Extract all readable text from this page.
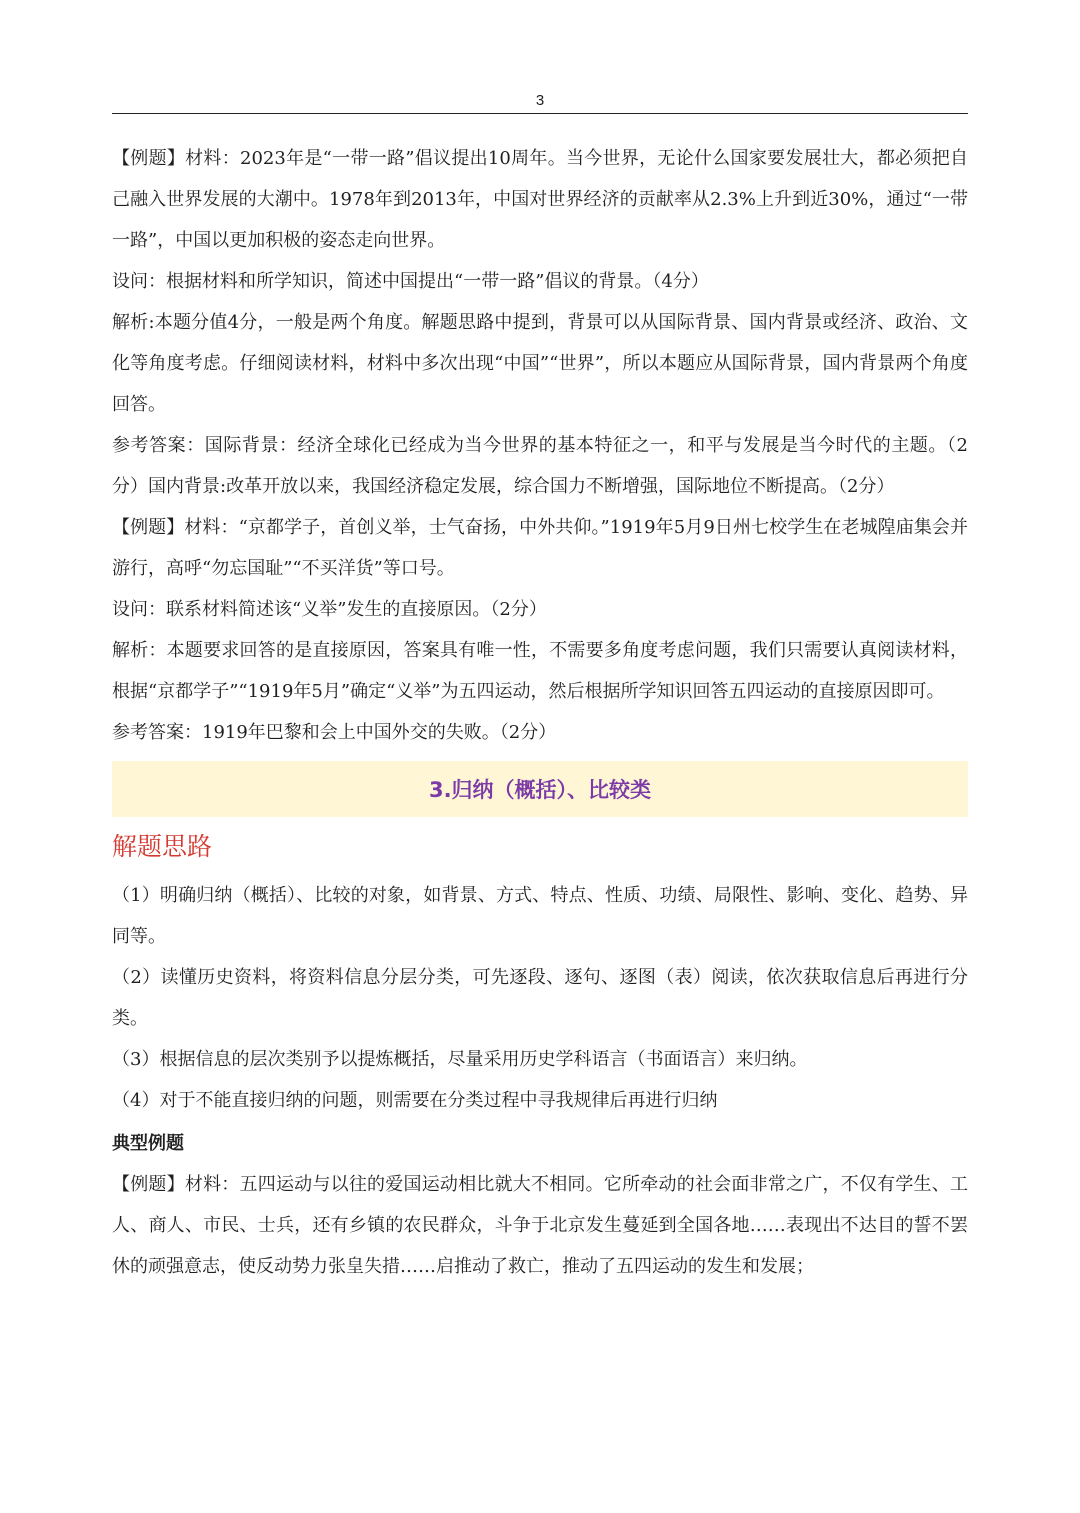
3

【例题】材料：2023年是“一带一路”倡议提出10周年。当今世界，无论什么国家要发展壮大，都必须把自己融入世界发展的大潮中。1978年到2013年，中国对世界经济的贡献率从2.3%上升到近30%，通过“一带一路”，中国以更加积极的姿态走向世界。

设问：根据材料和所学知识，简述中国提出“一带一路”倡议的背景。（4分）

解析:本题分值4分，一般是两个角度。解题思路中提到，背景可以从国际背景、国内背景或经济、政治、文化等角度考虑。仔细阅读材料，材料中多次出现“中国”“世界”，所以本题应从国际背景，国内背景两个角度回答。

参考答案：国际背景：经济全球化已经成为当今世界的基本特征之一，和平与发展是当今时代的主题。（2分）国内背景:改革开放以来，我国经济稳定发展，综合国力不断增强，国际地位不断提高。（2分）

【例题】材料：“京都学子，首创义举，士气奋扬，中外共仰。”1919年5月9日州七校学生在老城隍庙集会并游行，高呼“勿忘国耻”“不买洋货”等口号。

设问：联系材料简述该“义举”发生的直接原因。（2分）

解析：本题要求回答的是直接原因，答案具有唯一性，不需要多角度考虑问题，我们只需要认真阅读材料，根据“京都学子”“1919年5月”确定“义举”为五四运动，然后根据所学知识回答五四运动的直接原因即可。

参考答案：1919年巴黎和会上中国外交的失败。（2分）

3.归纳（概括）、比较类
解题思路

（1）明确归纳（概括）、比较的对象，如背景、方式、特点、性质、功绩、局限性、影响、变化、趋势、异同等。

（2）读懂历史资料，将资料信息分层分类，可先逐段、逐句、逐图（表）阅读，依次获取信息后再进行分类。

（3）根据信息的层次类别予以提炼概括，尽量采用历史学科语言（书面语言）来归纳。

（4）对于不能直接归纳的问题，则需要在分类过程中寻我规律后再进行归纳

典型例题

【例题】材料：五四运动与以往的爱国运动相比就大不相同。它所牵动的社会面非常之广，不仅有学生、工人、商人、市民、士兵，还有乡镇的农民群众，斗争于北京发生蔓延到全国各地……表现出不达目的誓不罢休的顽强意志，使反动势力张皇失措……启推动了救亡，推动了五四运动的发生和发展；
